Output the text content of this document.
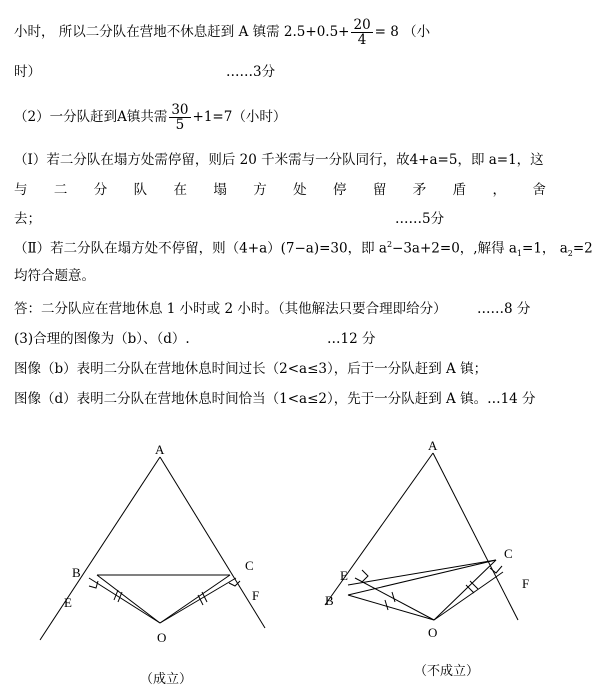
小时， 所以二分队在营地不休息赶到 A 镇需 $2.5+0.5+ \frac{20}{4} = 8$ （小
时）	……3分
（2）一分队赶到A镇共需 $\frac{30}{5} +1=7$（小时）
（Ⅰ）若二分队在塌方处需停留，则后 20 千米需与一分队同行，故4+a=5，即 a=1，这
与 二 分 队 在 塌 方 处 停 留 矛 盾 ， 舍
去；	……5分
（Ⅱ）若二分队在塌方处不停留，则（4+a）(7−a)=30，即 $a^2-3a+2=0$，,解得 $a_1=1$， $a_2=2$
均符合题意。
答：二分队应在营地休息 1 小时或 2 小时。（其他解法只要合理即给分） ……8 分
(3)合理的图像为（b）、（d）.	…12 分
图像（b）表明二分队在营地休息时间过长（2<a≤3），后于一分队赶到 A 镇；
图像（d）表明二分队在营地休息时间恰当（1<a≤2），先于一分队赶到 A 镇。…14 分
A
B	C
E	F
O
（成立）
A
B
C
E
F
O
（不成立）
